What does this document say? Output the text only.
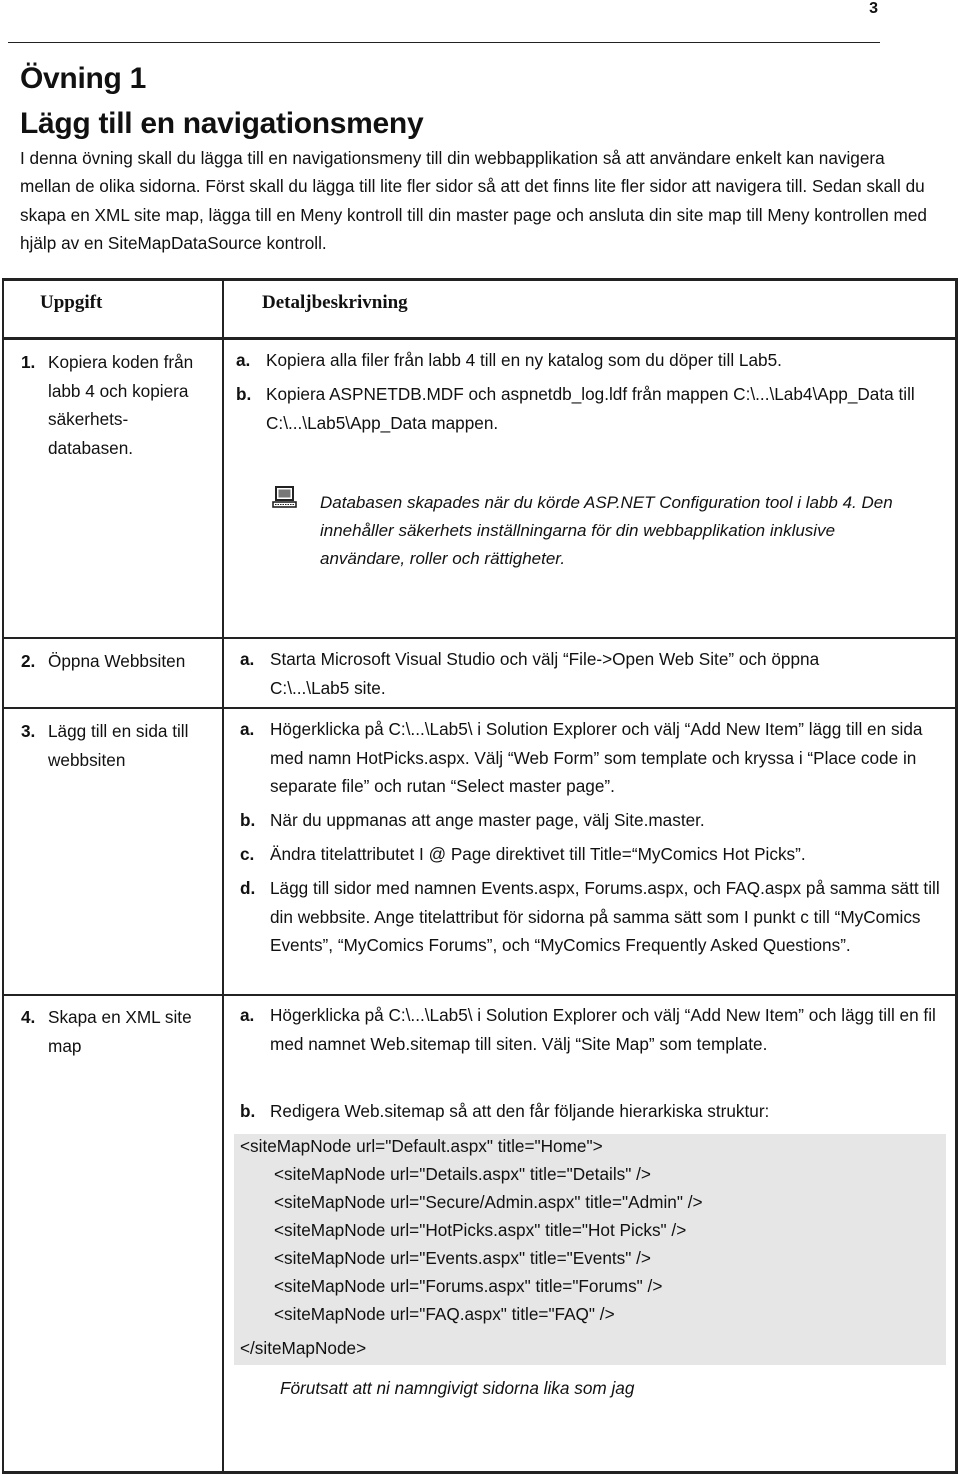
3
Övning 1
Lägg till en navigationsmeny
I denna övning skall du lägga till en navigationsmeny till din webbapplikation så att användare enkelt kan navigera mellan de olika sidorna. Först skall du lägga till lite fler sidor så att det finns lite fler sidor att navigera till. Sedan skall du skapa en XML site map, lägga till en Meny kontroll till din master page och ansluta din site map till Meny kontrollen med hjälp av en SiteMapDataSource kontroll.
Uppgift	Detaljbeskrivning
1. Kopiera koden från
labb 4 och kopiera
säkerhets-
databasen.
a. Kopiera alla filer från labb 4 till en ny katalog som du döper till Lab5.
b. Kopiera ASPNETDB.MDF och aspnetdb_log.ldf från mappen C:\...\Lab4\App_Data till C:\...\Lab5\App_Data mappen.
Databasen skapades när du körde ASP.NET Configuration tool i labb 4. Den innehåller säkerhets inställningarna för din webbapplikation inklusive användare, roller och rättigheter.
2. Öppna Webbsiten	a. Starta Microsoft Visual Studio och välj “File->Open Web Site” och öppna C:\...\Lab5 site.
3. Lägg till en sida till
webbsiten
a. Högerklicka på C:\...\Lab5\ i Solution Explorer och välj “Add New Item” lägg till en sida med namn HotPicks.aspx. Välj “Web Form” som template och kryssa i “Place code in separate file” och rutan “Select master page”.
b. När du uppmanas att ange master page, välj Site.master.
c. Ändra titelattributet I @ Page direktivet till Title=“MyComics Hot Picks”.
d. Lägg till sidor med namnen Events.aspx, Forums.aspx, och FAQ.aspx på samma sätt till din webbsite. Ange titelattribut för sidorna på samma sätt som I punkt c till “MyComics Events”, “MyComics Forums”, och “MyComics Frequently Asked Questions”.
4. Skapa en XML site
map
a. Högerklicka på C:\...\Lab5\ i Solution Explorer och välj “Add New Item” och lägg till en fil med namnet Web.sitemap till siten. Välj “Site Map” som template.
b. Redigera Web.sitemap så att den får följande hierarkiska struktur:
<siteMapNode url="Default.aspx" title="Home">
<siteMapNode url="Details.aspx" title="Details" />
<siteMapNode url="Secure/Admin.aspx" title="Admin" />
<siteMapNode url="HotPicks.aspx" title="Hot Picks" />
<siteMapNode url="Events.aspx" title="Events" />
<siteMapNode url="Forums.aspx" title="Forums" />
<siteMapNode url="FAQ.aspx" title="FAQ" />
</siteMapNode>
Förutsatt att ni namngivigt sidorna lika som jag
